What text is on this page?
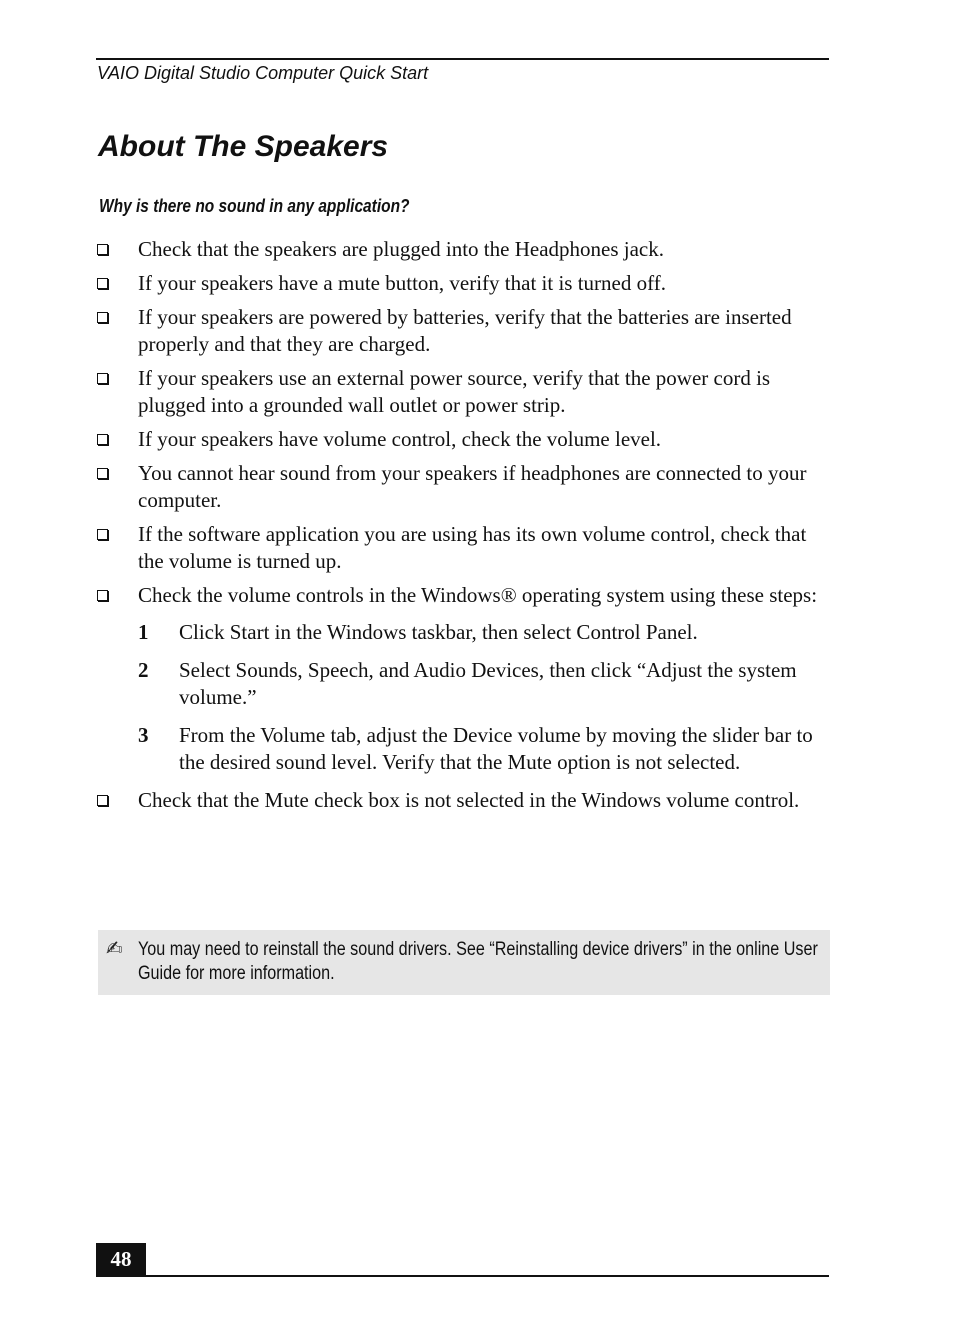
VAIO Digital Studio Computer Quick Start
About The Speakers
Why is there no sound in any application?
Check that the speakers are plugged into the Headphones jack.
If your speakers have a mute button, verify that it is turned off.
If your speakers are powered by batteries, verify that the batteries are inserted properly and that they are charged.
If your speakers use an external power source, verify that the power cord is plugged into a grounded wall outlet or power strip.
If your speakers have volume control, check the volume level.
You cannot hear sound from your speakers if headphones are connected to your computer.
If the software application you are using has its own volume control, check that the volume is turned up.
Check the volume controls in the Windows® operating system using these steps:
1 Click Start in the Windows taskbar, then select Control Panel.
2 Select Sounds, Speech, and Audio Devices, then click “Adjust the system volume.”
3 From the Volume tab, adjust the Device volume by moving the slider bar to the desired sound level. Verify that the Mute option is not selected.
Check that the Mute check box is not selected in the Windows volume control.
✍ You may need to reinstall the sound drivers. See “Reinstalling device drivers” in the online User Guide for more information.
48
